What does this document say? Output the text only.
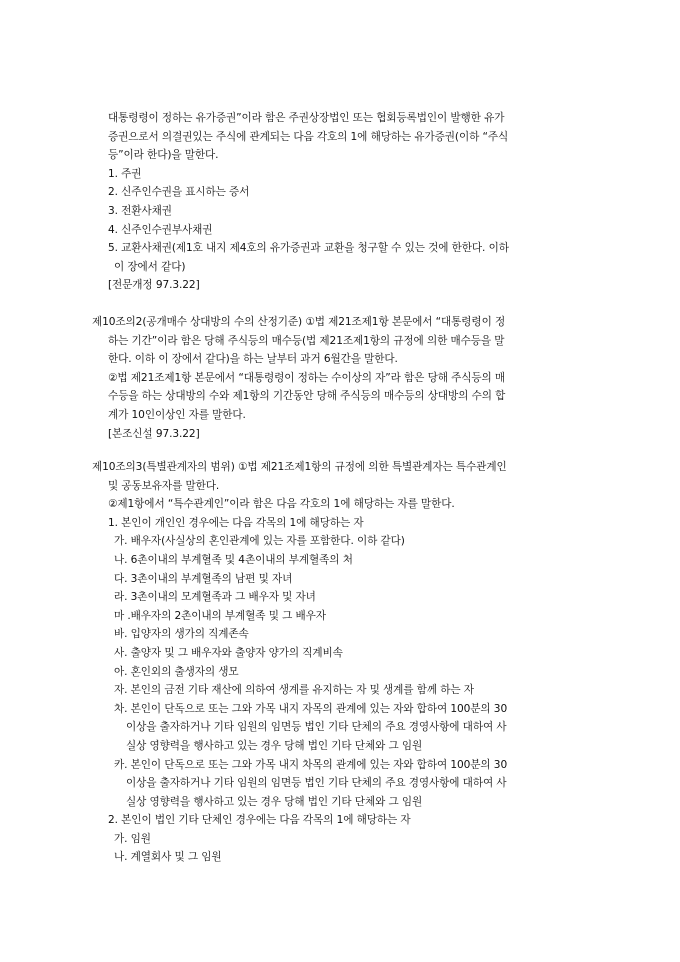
대통령령이 정하는 유가증권”이라 함은 주권상장법인 또는 협회등록법인이 발행한 유가
증권으로서 의결권있는 주식에 관계되는 다음 각호의 1에 해당하는 유가증권(이하 “주식
등”이라 한다)을 말한다.
1. 주권
2. 신주인수권을 표시하는 증서
3. 전환사채권
4. 신주인수권부사채권
5. 교환사채권(제1호 내지 제4호의 유가증권과 교환을 청구할 수 있는 것에 한한다. 이하
이 장에서 같다)
[전문개정 97.3.22]
제10조의2(공개매수 상대방의 수의 산정기준) ①법 제21조제1항 본문에서 “대통령령이 정
하는 기간”이라 함은 당해 주식등의 매수등(법 제21조제1항의 규정에 의한 매수등을 말
한다. 이하 이 장에서 같다)을 하는 날부터 과거 6월간을 말한다.
②법 제21조제1항 본문에서 “대통령령이 정하는 수이상의 자”라 함은 당해 주식등의 매
수등을 하는 상대방의 수와 제1항의 기간동안 당해 주식등의 매수등의 상대방의 수의 합
계가 10인이상인 자를 말한다.
[본조신설 97.3.22]
제10조의3(특별관계자의 범위) ①법 제21조제1항의 규정에 의한 특별관계자는 특수관계인
및 공동보유자를 말한다.
②제1항에서 “특수관계인”이라 함은 다음 각호의 1에 해당하는 자를 말한다.
1. 본인이 개인인 경우에는 다음 각목의 1에 해당하는 자
가. 배우자(사실상의 혼인관계에 있는 자를 포함한다. 이하 같다)
나. 6촌이내의 부계혈족 및 4촌이내의 부계혈족의 처
다. 3촌이내의 부계혈족의 남편 및 자녀
라. 3촌이내의 모계혈족과 그 배우자 및 자녀
마 .배우자의 2촌이내의 부계혈족 및 그 배우자
바. 입양자의 생가의 직계존속
사. 출양자 및 그 배우자와 출양자 양가의 직계비속
아. 혼인외의 출생자의 생모
자. 본인의 금전 기타 재산에 의하여 생계를 유지하는 자 및 생계를 함께 하는 자
차. 본인이 단독으로 또는 그와 가목 내지 자목의 관계에 있는 자와 합하여 100분의 30
이상을 출자하거나 기타 임원의 임면등 법인 기타 단체의 주요 경영사항에 대하여 사
실상 영향력을 행사하고 있는 경우 당해 법인 기타 단체와 그 임원
카. 본인이 단독으로 또는 그와 가목 내지 차목의 관계에 있는 자와 합하여 100분의 30
이상을 출자하거나 기타 임원의 임면등 법인 기타 단체의 주요 경영사항에 대하여 사
실상 영향력을 행사하고 있는 경우 당해 법인 기타 단체와 그 임원
2. 본인이 법인 기타 단체인 경우에는 다음 각목의 1에 해당하는 자
가. 임원
나. 계열회사 및 그 임원
